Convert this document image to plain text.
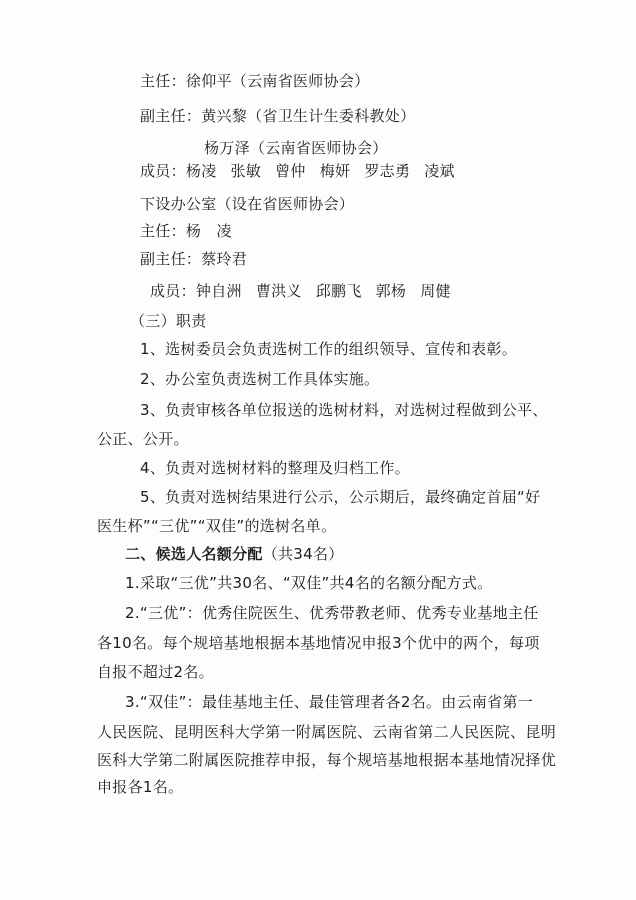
主任：徐仰平（云南省医师协会）
副主任：黄兴黎（省卫生计生委科教处）
杨万泽（云南省医师协会）
成员：杨凌 张敏 曾仲 梅妍 罗志勇 凌斌
下设办公室（设在省医师协会）
主任：杨　凌
副主任：蔡玲君
成员：钟自洲 曹洪义 邱鹏飞 郭杨 周健
（三）职责
1、选树委员会负责选树工作的组织领导、宣传和表彰。
2、办公室负责选树工作具体实施。
3、负责审核各单位报送的选树材料，对选树过程做到公平、
公正、公开。
4、负责对选树材料的整理及归档工作。
5、负责对选树结果进行公示，公示期后，最终确定首届“好
医生杯”“三优”“双佳”的选树名单。
二、候选人名额分配（共34名）
1.采取“三优”共30名、“双佳”共4名的名额分配方式。
2.“三优”：优秀住院医生、优秀带教老师、优秀专业基地主任
各10名。每个规培基地根据本基地情况申报3个优中的两个，每项
自报不超过2名。
3.“双佳”：最佳基地主任、最佳管理者各2名。由云南省第一
人民医院、昆明医科大学第一附属医院、云南省第二人民医院、昆明
医科大学第二附属医院推荐申报，每个规培基地根据本基地情况择优
申报各1名。
